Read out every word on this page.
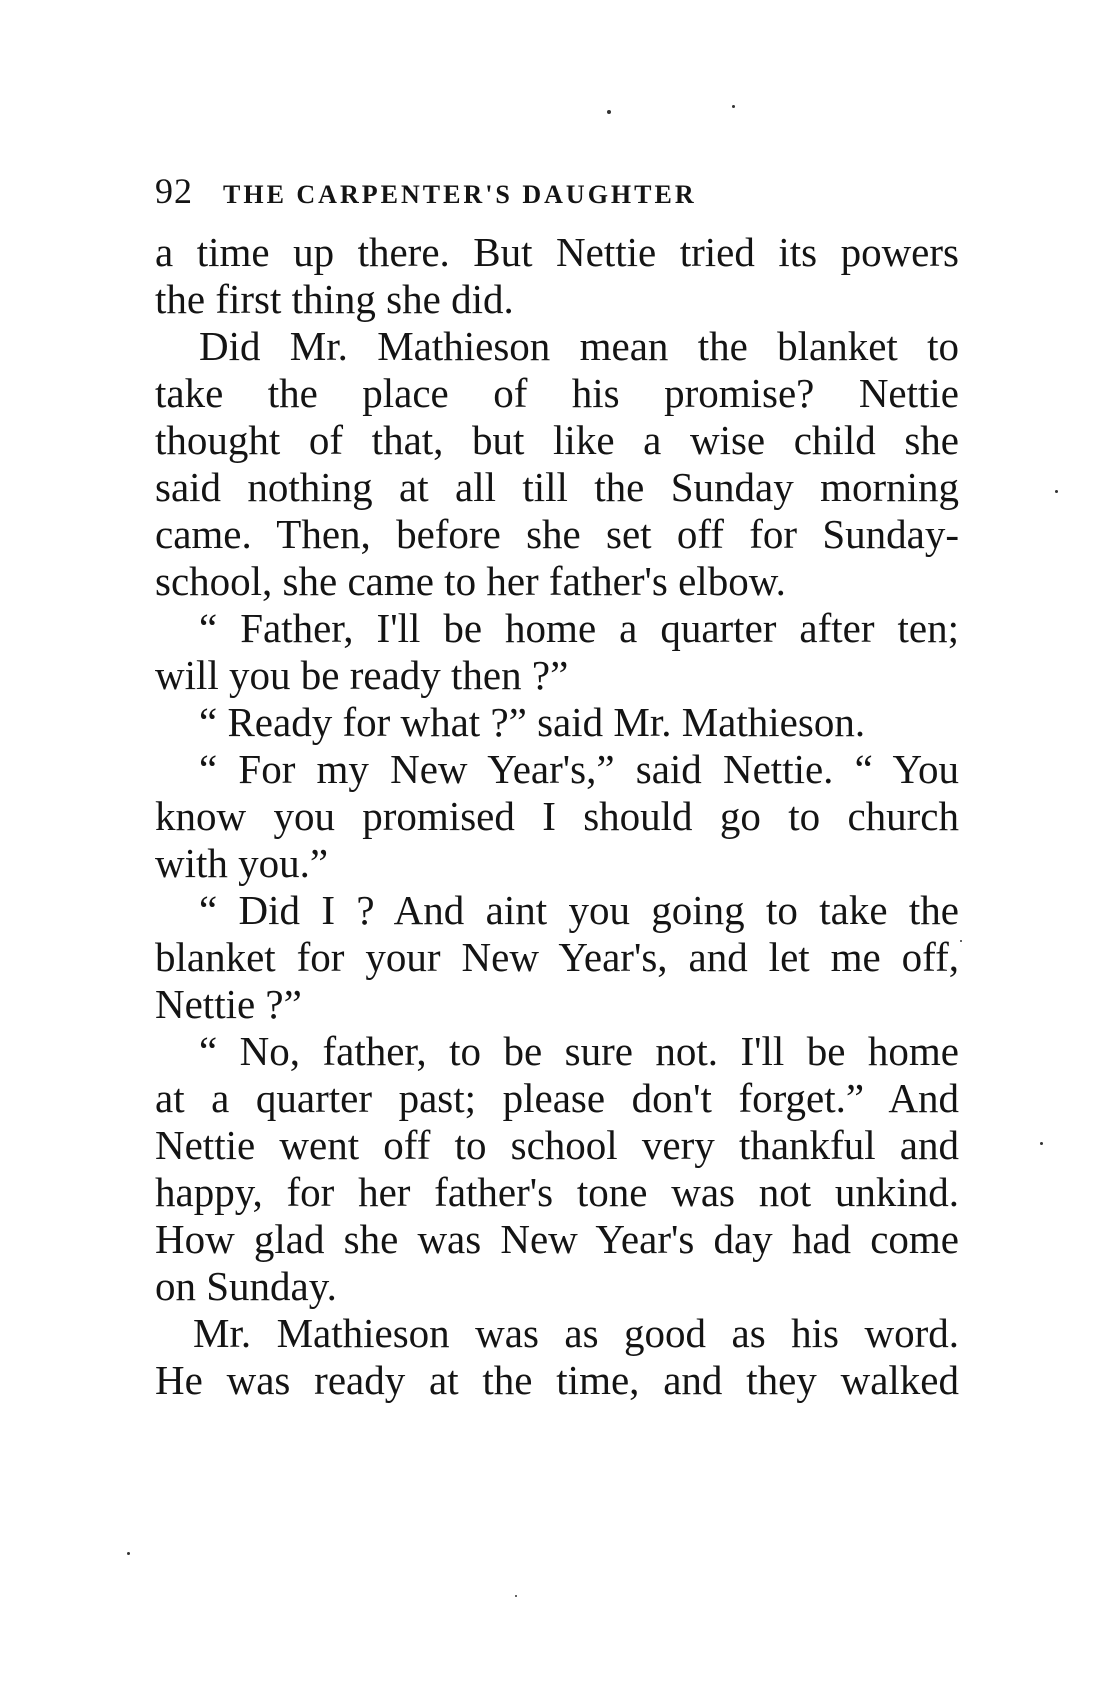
92 THE CARPENTER'S DAUGHTER
a time up there. But Nettie tried its powers
the first thing she did.
Did Mr. Mathieson mean the blanket to
take the place of his promise? Nettie
thought of that, but like a wise child she
said nothing at all till the Sunday morning
came. Then, before she set off for Sunday-
school, she came to her father's elbow.
“ Father, I'll be home a quarter after ten;
will you be ready then ?”
“ Ready for what ?” said Mr. Mathieson.
“ For my New Year's,” said Nettie. “ You
know you promised I should go to church
with you.”
“ Did I ? And aint you going to take the
blanket for your New Year's, and let me off,
Nettie ?”
“ No, father, to be sure not. I'll be home
at a quarter past; please don't forget.” And
Nettie went off to school very thankful and
happy, for her father's tone was not unkind.
How glad she was New Year's day had come
on Sunday.
Mr. Mathieson was as good as his word.
He was ready at the time, and they walked
